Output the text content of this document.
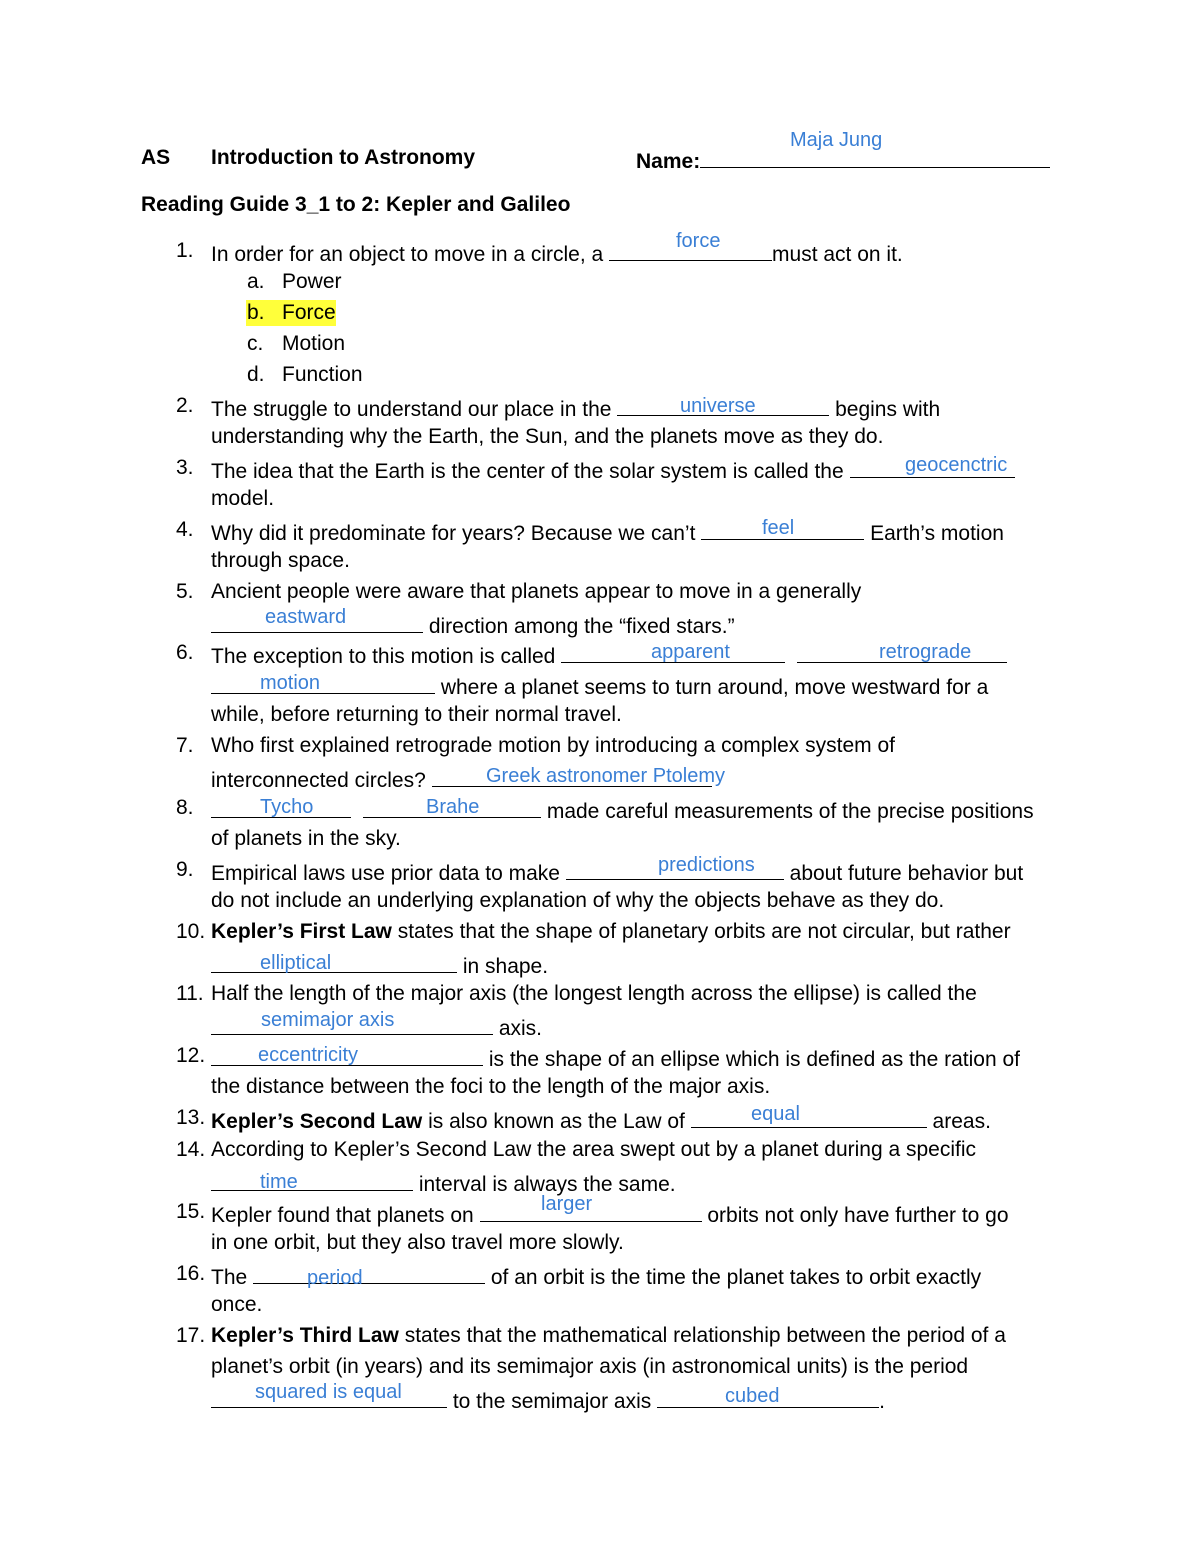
AS Introduction to Astronomy	Name:
Maja Jung
Reading Guide 3_1 to 2: Kepler and Galileo
1. In order for an object to move in a circle, a	must act on it.
force
a. Power
b. Force
c. Motion
d. Function
2. The struggle to understand our place in the	begins with
universe
understanding why the Earth, the Sun, and the planets move as they do.
3. The idea that the Earth is the center of the solar system is called the	geocenctric
model.
4. Why did it predominate for years? Because we can’t	Earth’s motion
feel
through space.
5. Ancient people were aware that planets appear to move in a generally
direction among the “fixed stars.”
eastward
6. The exception to this motion is called	apparent	retrograde
where a planet seems to turn around, move westward for a
motion
while, before returning to their normal travel.
7. Who first explained retrograde motion by introducing a complex system of
interconnected circles?	Greek astronomer Ptolemy
8.	made careful measurements of the precise positions
Tycho	Brahe
of planets in the sky.
9. Empirical laws use prior data to make	about future behavior but
predictions
do not include an underlying explanation of why the objects behave as they do.
10. Kepler’s First Law states that the shape of planetary orbits are not circular, but rather
in shape.
elliptical
11. Half the length of the major axis (the longest length across the ellipse) is called the
axis.
semimajor axis
12.	is the shape of an ellipse which is defined as the ration of
eccentricity
the distance between the foci to the length of the major axis.
13. Kepler’s Second Law is also known as the Law of	areas.
equal
14. According to Kepler’s Second Law the area swept out by a planet during a specific
interval is always the same.
time
15. Kepler found that planets on	orbits not only have further to go
larger
in one orbit, but they also travel more slowly.
16. The	of an orbit is the time the planet takes to orbit exactly
period
once.
17. Kepler’s Third Law states that the mathematical relationship between the period of a
planet’s orbit (in years) and its semimajor axis (in astronomical units) is the period
to the semimajor axis	.
squared is equal	cubed
